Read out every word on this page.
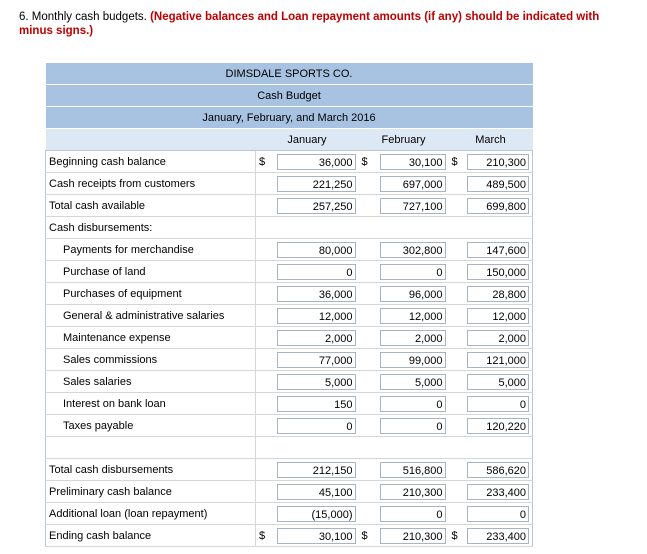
6. Monthly cash budgets. (Negative balances and Loan repayment amounts (if any) should be indicated with minus signs.)
DIMSDALE SPORTS CO.						
Cash Budget						
January, February, and March 2016						
	January		February		March	
Beginning cash balance	$	36,000	$	30,100	$	210,300

Cash receipts from customers		221,250		697,000		489,500

Total cash available		257,250		727,100		699,800

Cash disbursements:						
Payments for merchandise		80,000		302,800		147,600

Purchase of land		0		0		150,000

Purchases of equipment		36,000		96,000		28,800

General & administrative salaries		12,000		12,000		12,000

Maintenance expense		2,000		2,000		2,000

Sales commissions		77,000		99,000		121,000

Sales salaries		5,000		5,000		5,000

Interest on bank loan		150		0		0

Taxes payable		0		0		120,220

Total cash disbursements		212,150		516,800		586,620

Preliminary cash balance		45,100		210,300		233,400

Additional loan (loan repayment)		(15,000)		0		0

Ending cash balance	$	30,100	$	210,300	$	233,400
